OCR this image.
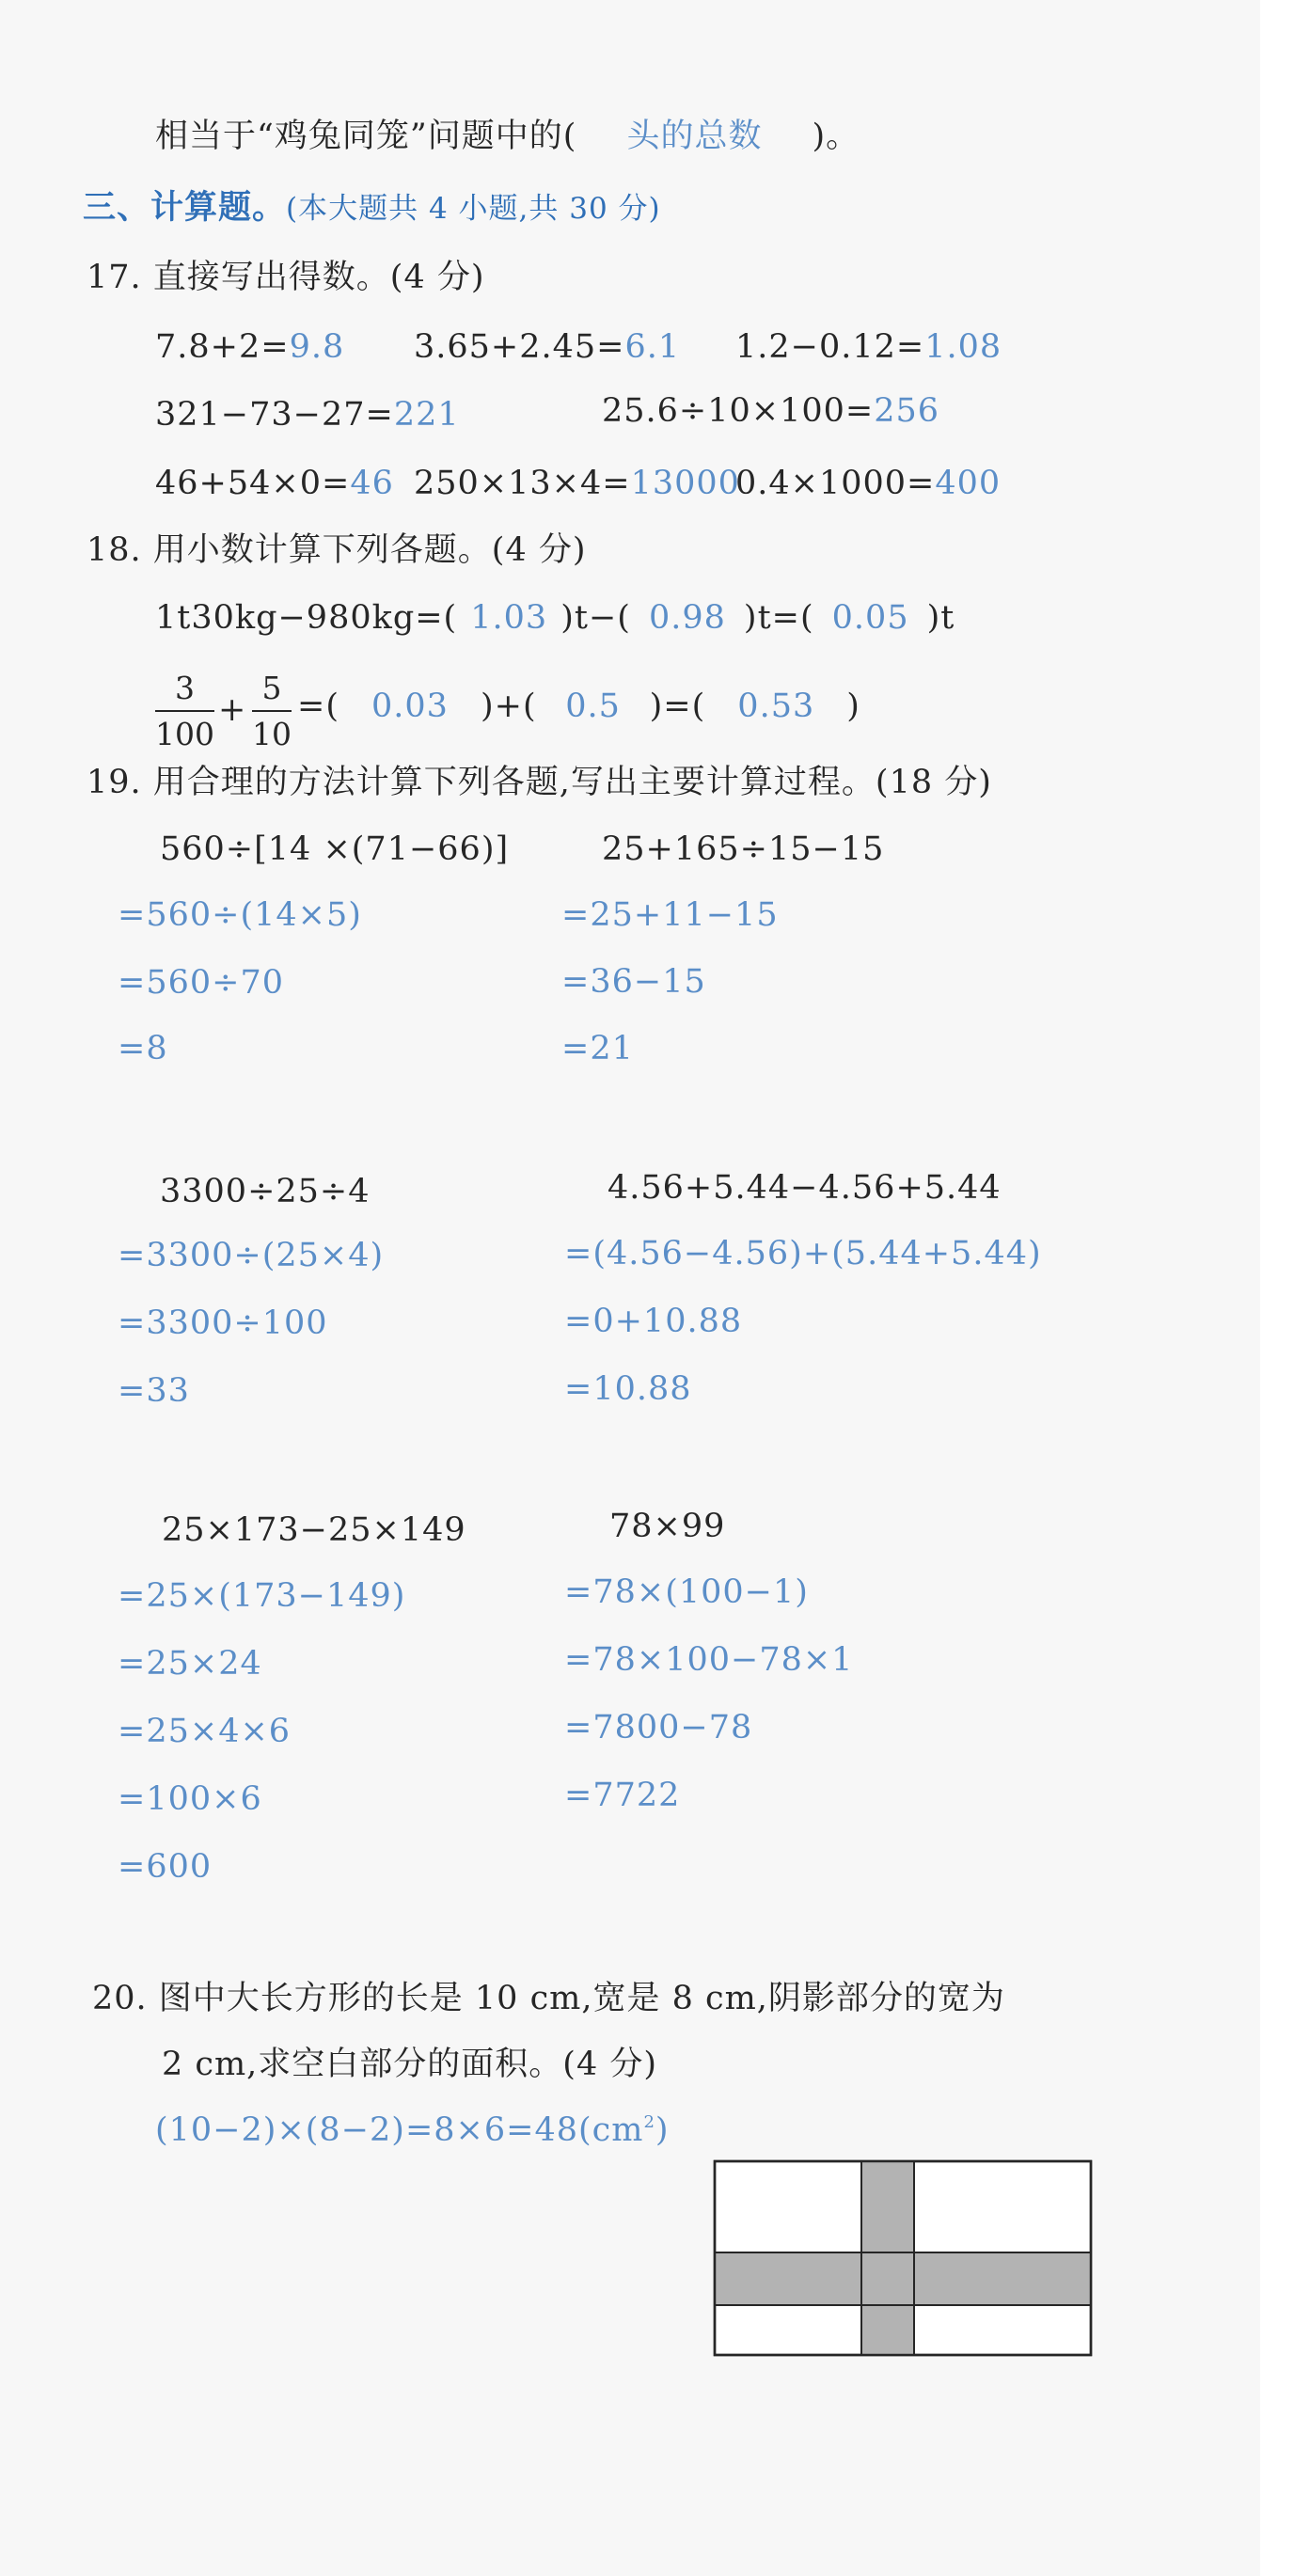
相当于“鸡兔同笼”问题中的( 头的总数 )。
三、计算题。(本大题共 4 小题,共 30 分)
17. 直接写出得数。(4 分)
7.8+2=9.8 3.65+2.45=6.1 1.2−0.12=1.08
321−73−27=221	25.6÷10×100=256
46+54×0=46 250×13×4=13000
0.4×1000=400
18. 用小数计算下列各题。(4 分)
1t30kg−980kg=( 1.03 )t−( 0.98 )t=( 0.05 )t
3
100
+
5
10
=( 0.03 )+( 0.5 )=( 0.53 )
19. 用合理的方法计算下列各题,写出主要计算过程。(18 分)
560÷[14 ×(71−66)]
=560÷(14×5)
=560÷70
=8
25+165÷15−15
=25+11−15
=36−15
=21
3300÷25÷4
=3300÷(25×4)
=3300÷100
=33
4.56+5.44−4.56+5.44
=(4.56−4.56)+(5.44+5.44)
=0+10.88
=10.88
25×173−25×149
=25×(173−149)
=25×24
=25×4×6
=100×6
=600
78×99
=78×(100−1)
=78×100−78×1
=7800−78
=7722
20. 图中大长方形的长是 10 cm,宽是 8 cm,阴影部分的宽为
2 cm,求空白部分的面积。(4 分)
$(10-2)\times(8-2)=8\times 6=48(cm^2)$
